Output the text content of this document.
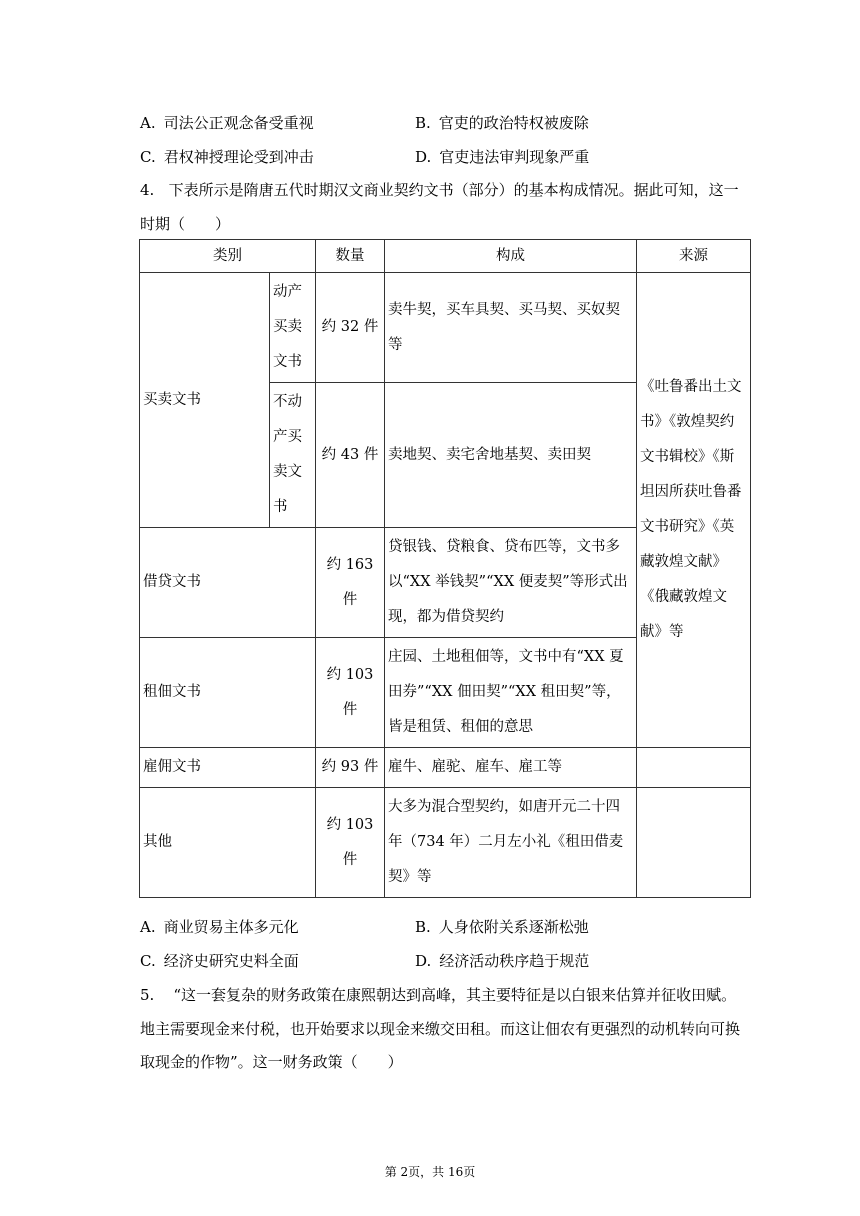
A. 司法公正观念备受重视	B. 官吏的政治特权被废除
C. 君权神授理论受到冲击	D. 官吏违法审判现象严重
4. 下表所示是隋唐五代时期汉文商业契约文书（部分）的基本构成情况。据此可知，这一
时期（　　）
类别		数量	构成	来源
买卖文书	动产买卖文书	约 32 件	卖牛契，买车具契、买马契、买奴契等	《吐鲁番出土文书》《敦煌契约文书辑校》《斯坦因所获吐鲁番文书研究》《英藏敦煌文献》《俄藏敦煌文献》等
	不动产买卖文书	约 43 件	卖地契、卖宅舍地基契、卖田契	
借贷文书		约 163 件	贷银钱、贷粮食、贷布匹等，文书多以“XX 举钱契”“XX 便麦契”等形式出现，都为借贷契约	
租佃文书		约 103 件	庄园、土地租佃等，文书中有“XX 夏田券”“XX 佃田契”“XX 租田契”等，皆是租赁、租佃的意思	
雇佣文书		约 93 件	雇牛、雇驼、雇车、雇工等	
其他		约 103 件	大多为混合型契约，如唐开元二十四年（734 年）二月左小礼《租田借麦契》等	
A. 商业贸易主体多元化	B. 人身依附关系逐渐松弛
C. 经济史研究史料全面	D. 经济活动秩序趋于规范
5. “这一套复杂的财务政策在康熙朝达到高峰，其主要特征是以白银来估算并征收田赋。
地主需要现金来付税，也开始要求以现金来缴交田租。而这让佃农有更强烈的动机转向可换
取现金的作物”。这一财务政策（　　）
第 2页，共 16页
